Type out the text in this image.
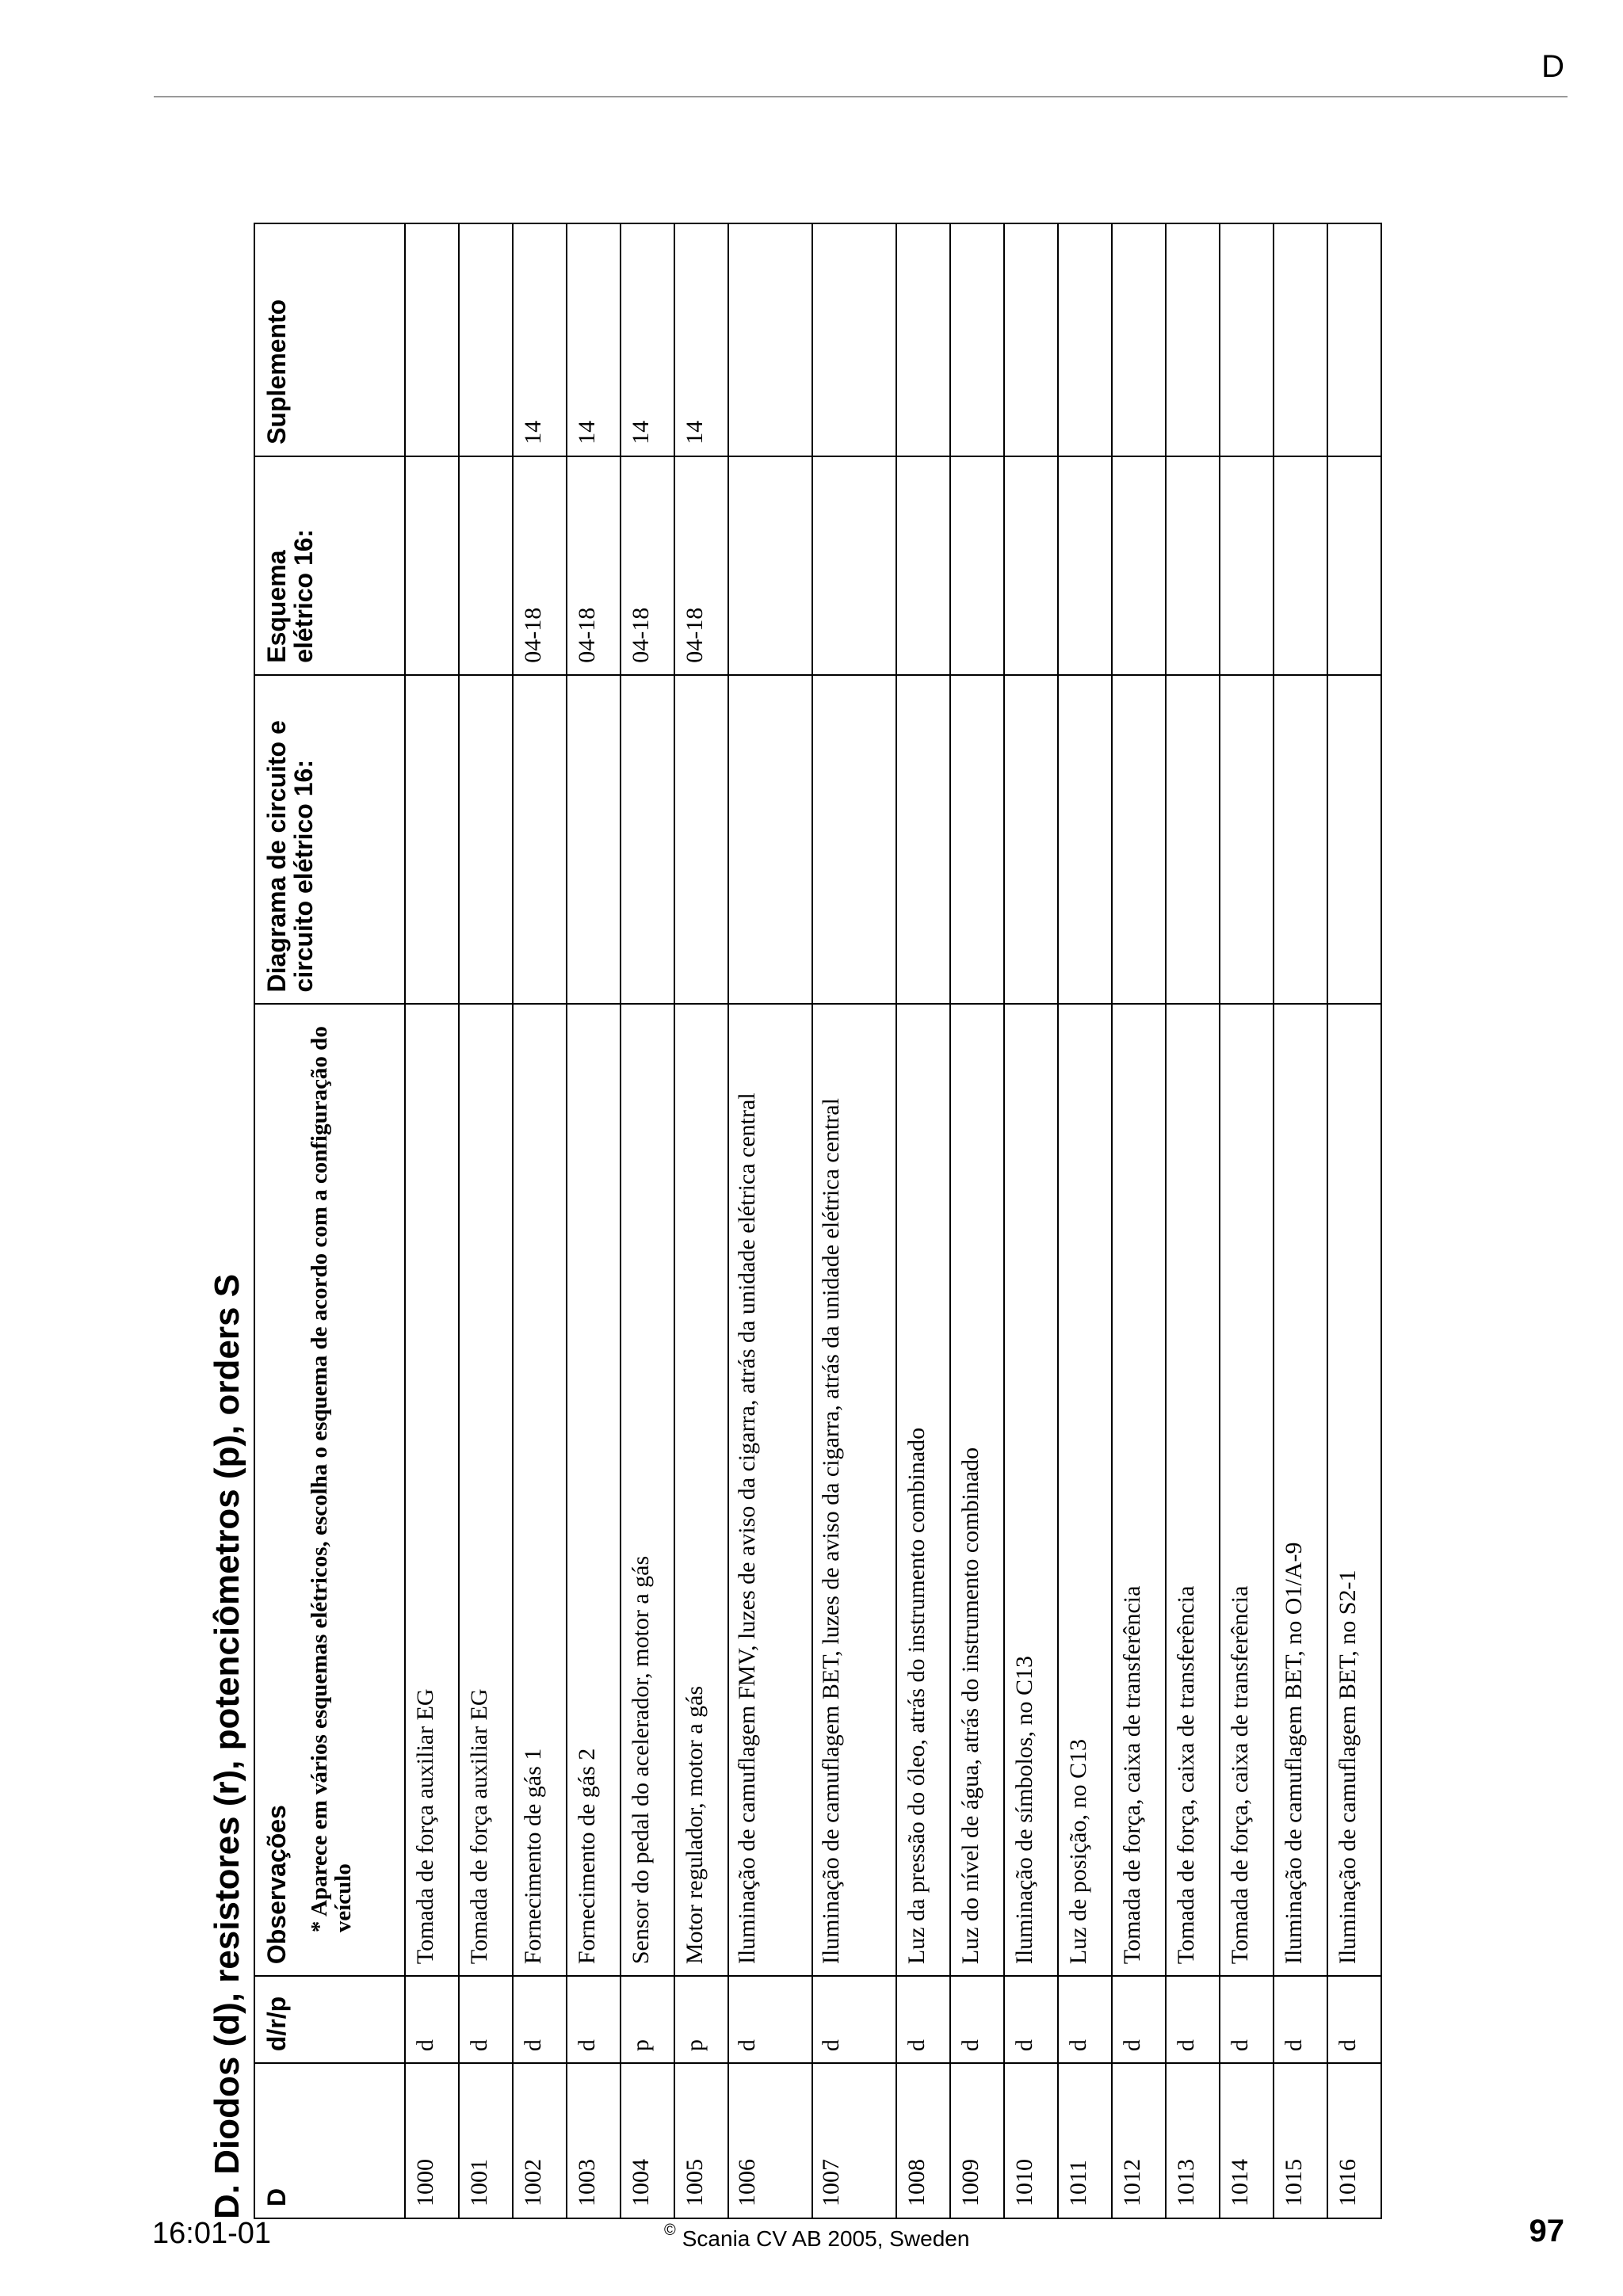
D
D. Diodos (d), resistores (r), potenciômetros (p), orders S D	d/r/p	Observações * Aparece em vários esquemas elétricos, escolha o esquema de acordo com a configuração do veículo	Diagrama de circuito e circuito elétrico 16:	Esquema elétrico 16:	Suplemento
1000	d	Tomada de força auxiliar EG			
1001	d	Tomada de força auxiliar EG			
1002	d	Fornecimento de gás 1		04-18	14
1003	d	Fornecimento de gás 2		04-18	14
1004	p	Sensor do pedal do acelerador, motor a gás		04-18	14
1005	p	Motor regulador, motor a gás		04-18	14
1006	d	Iluminação de camuflagem FMV, luzes de aviso da cigarra, atrás da unidade elétrica central			
1007	d	Iluminação de camuflagem BET, luzes de aviso da cigarra, atrás da unidade elétrica central			
1008	d	Luz da pressão do óleo, atrás do instrumento combinado			
1009	d	Luz do nível de água, atrás do instrumento combinado			
1010	d	Iluminação de símbolos, no C13			
1011	d	Luz de posição, no C13			
1012	d	Tomada de força, caixa de transferência			
1013	d	Tomada de força, caixa de transferência			
1014	d	Tomada de força, caixa de transferência			
1015	d	Iluminação de camuflagem BET, no O1/A-9			
1016	d	Iluminação de camuflagem BET, no S2-1			
16:01-01	© Scania CV AB 2005, Sweden	97
